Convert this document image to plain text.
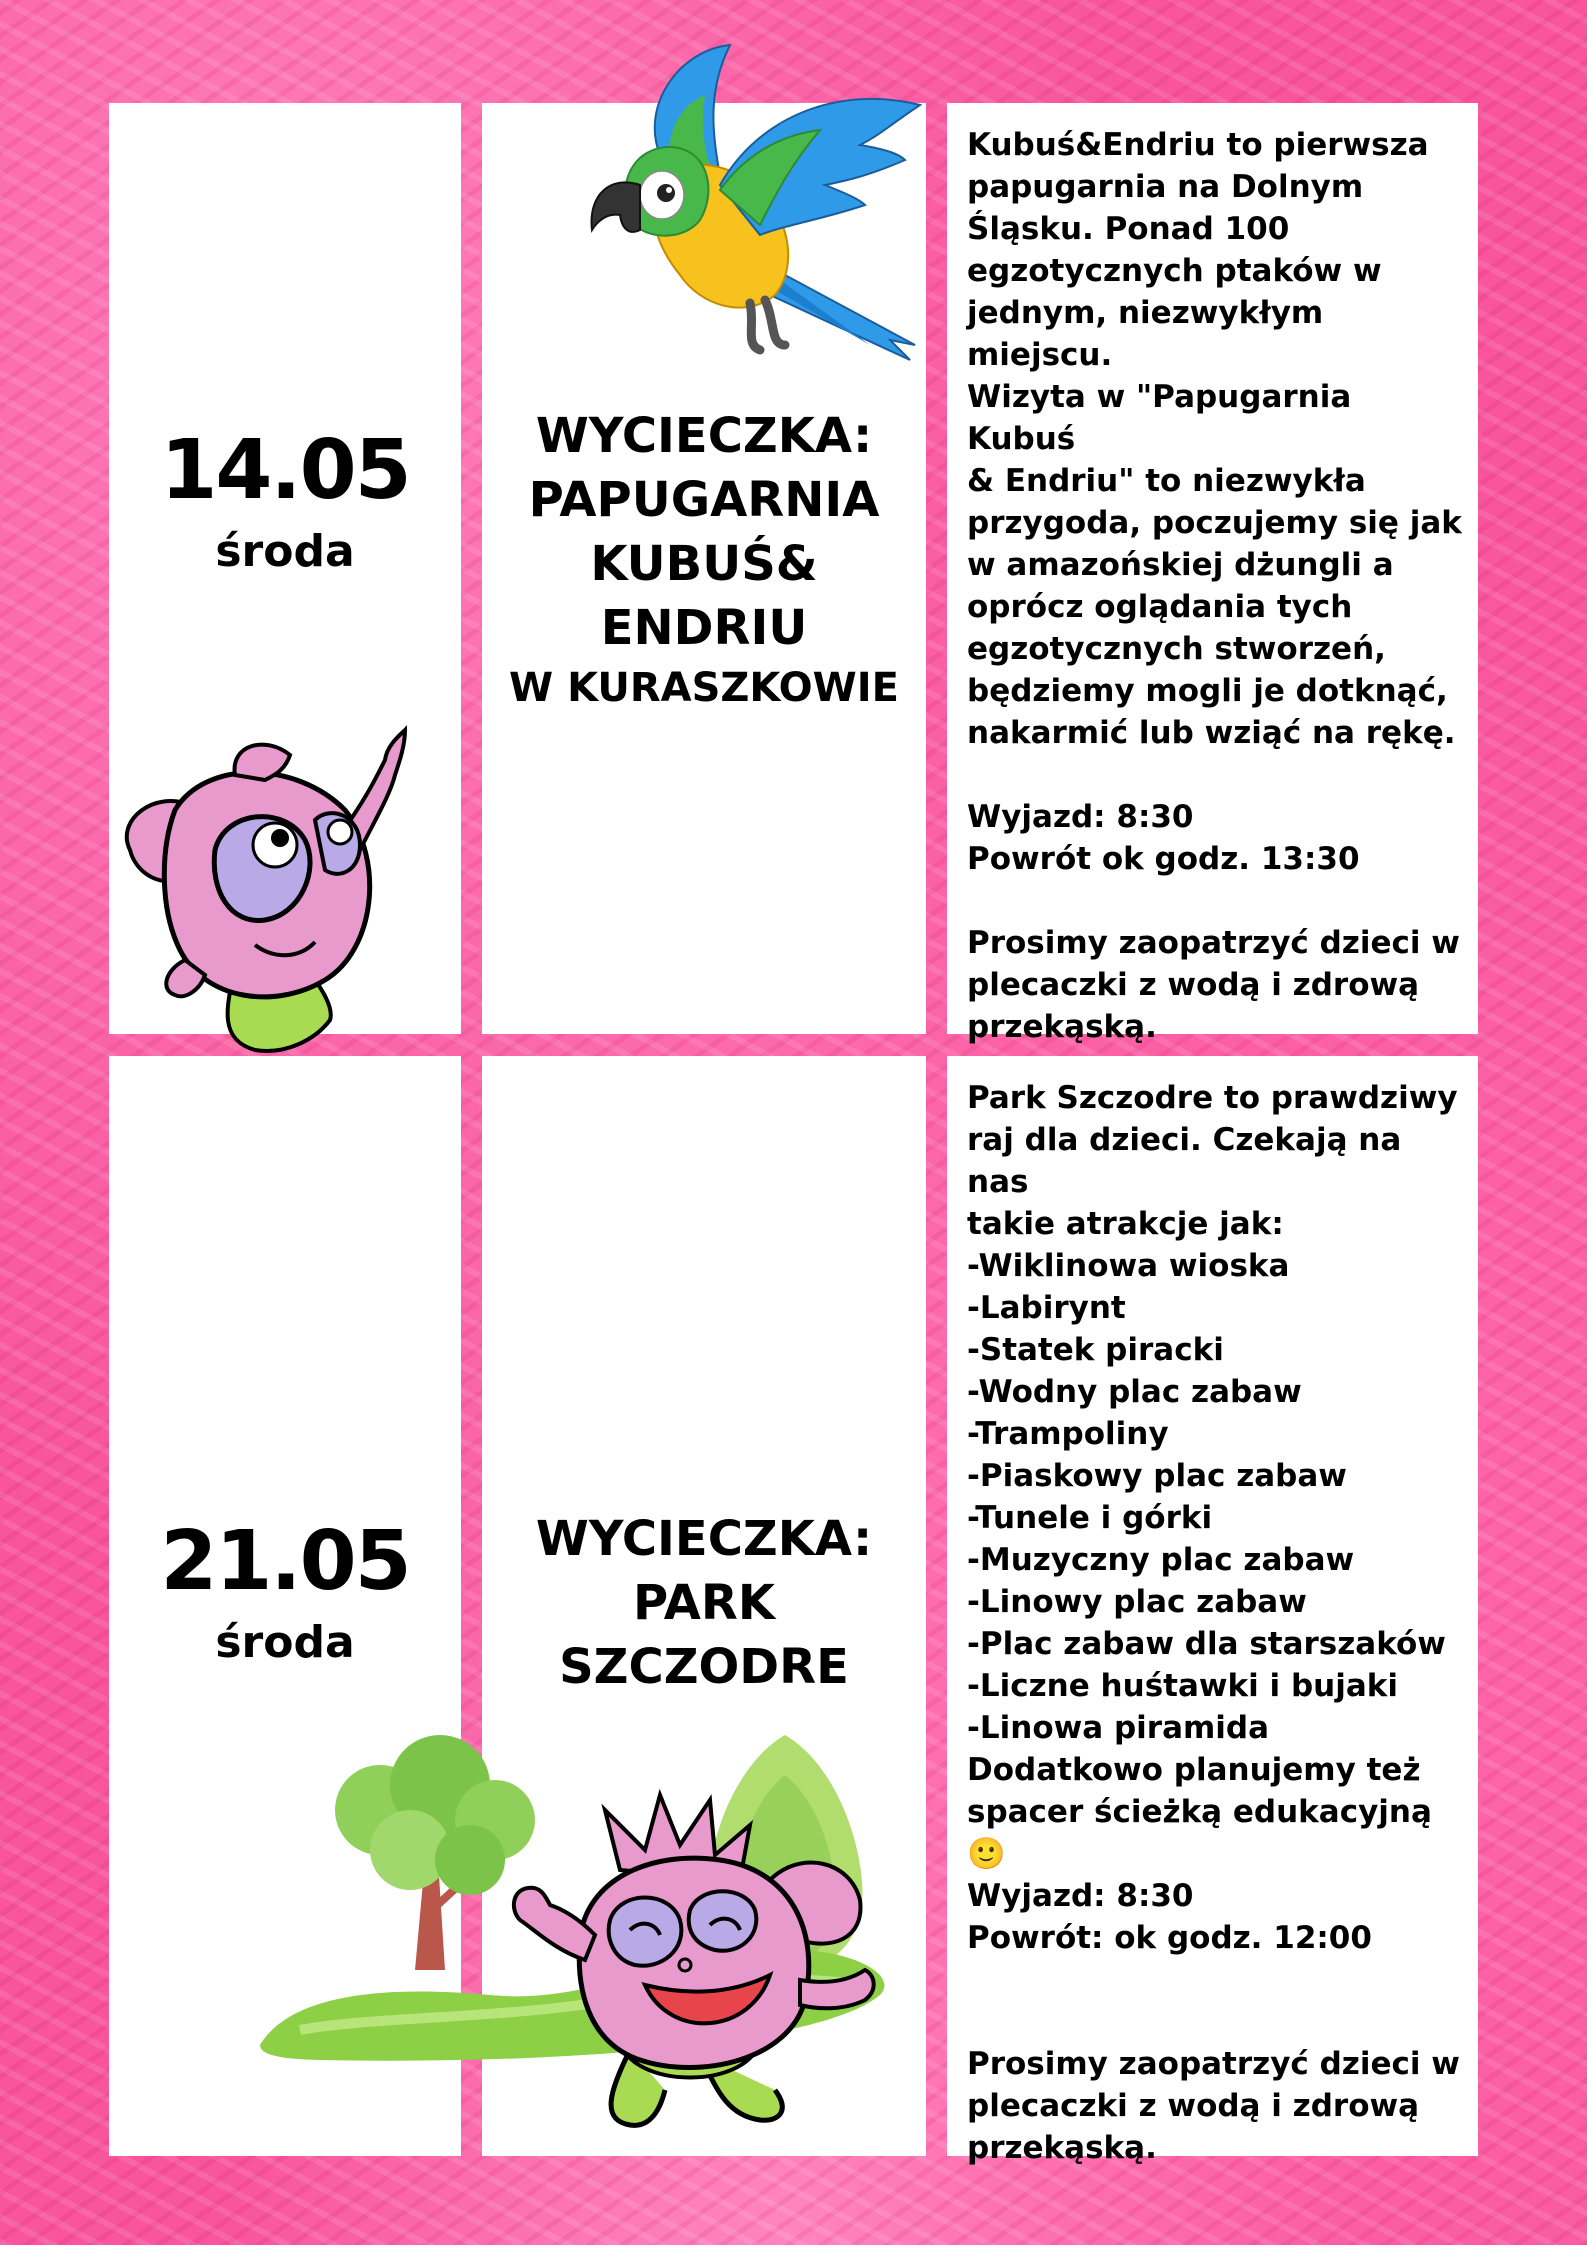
14.05
środa
WYCIECZKA:
PAPUGARNIA
KUBUŚ&
ENDRIU
W KURASZKOWIE
Kubuś&Endriu to pierwsza
papugarnia na Dolnym
Śląsku. Ponad 100
egzotycznych ptaków w
jednym, niezwykłym miejscu.
Wizyta w "Papugarnia Kubuś
& Endriu" to niezwykła
przygoda, poczujemy się jak
w amazońskiej dżungli a
oprócz oglądania tych
egzotycznych stworzeń,
będziemy mogli je dotknąć,
nakarmić lub wziąć na rękę.

Wyjazd: 8:30
Powrót ok godz. 13:30

Prosimy zaopatrzyć dzieci w
plecaczki z wodą i zdrową
przekąską.
21.05
środa
WYCIECZKA:
PARK
SZCZODRE
Park Szczodre to prawdziwy
raj dla dzieci. Czekają na nas
takie atrakcje jak:
-Wiklinowa wioska
-Labirynt
-Statek piracki
-Wodny plac zabaw
-Trampoliny
-Piaskowy plac zabaw
-Tunele i górki
-Muzyczny plac zabaw
-Linowy plac zabaw
-Plac zabaw dla starszaków
-Liczne huśtawki i bujaki
-Linowa piramida
Dodatkowo planujemy też
spacer ścieżką edukacyjną 🙂
Wyjazd: 8:30
Powrót: ok godz. 12:00

Prosimy zaopatrzyć dzieci w
plecaczki z wodą i zdrową
przekąską.
